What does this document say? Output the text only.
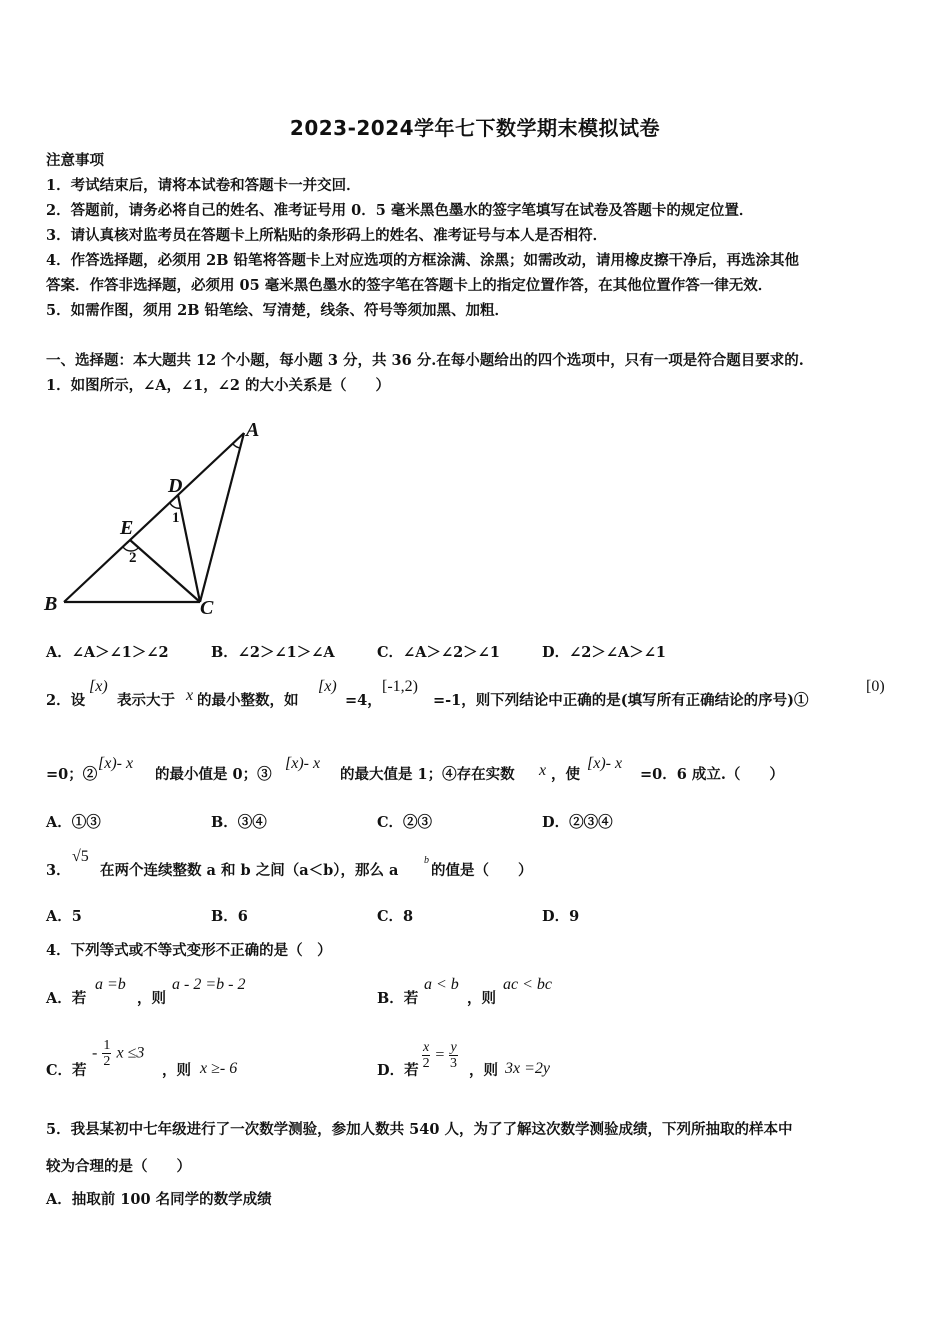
2023-2024学年七下数学期末模拟试卷
注意事项
1．考试结束后，请将本试卷和答题卡一并交回．
2．答题前，请务必将自己的姓名、准考证号用 0．5 毫米黑色墨水的签字笔填写在试卷及答题卡的规定位置．
3．请认真核对监考员在答题卡上所粘贴的条形码上的姓名、准考证号与本人是否相符．
4．作答选择题，必须用 2B 铅笔将答题卡上对应选项的方框涂满、涂黑；如需改动，请用橡皮擦干净后，再选涂其他
答案．作答非选择题，必须用 05 毫米黑色墨水的签字笔在答题卡上的指定位置作答，在其他位置作答一律无效．
5．如需作图，须用 2B 铅笔绘、写清楚，线条、符号等须加黑、加粗．
一、选择题：本大题共 12 个小题，每小题 3 分，共 36 分.在每小题给出的四个选项中，只有一项是符合题目要求的.
1．如图所示，∠A，∠1，∠2 的大小关系是（　　）
A
B	C
D
E	1
2
A．∠A＞∠1＞∠2	B．∠2＞∠1＞∠A	C．∠A＞∠2＞∠1	D．∠2＞∠A＞∠1
2．设
[x)
表示大于 x 的最小整数，如
[x)
=4，
[-1,2)
=-1，则下列结论中正确的是(填写所有正确结论的序号)①
[0)
=0；②
[x)- x
的最小值是 0；③
[x)- x
的最大值是 1；④存在实数 x ，使
[x)- x
=0．6 成立.（　　）
A．①③	B．③④	C．②③	D．②③④
3．
√5
在两个连续整数 a 和 b 之间（a＜b），那么 a
b
的值是（　　）
A．5	B．6	C．8	D．9
4．下列等式或不等式变形不正确的是（　）
A．若
a =b
，则
a - 2 =b - 2
B．若
a < b
，则
ac < bc
C．若
- $\frac{1}{2}$ x ≤3
，则 x ≥- 6	D．若 $\frac{x}{2} = \frac{y}{3}$ ，则 3x =2y
5．我县某初中七年级进行了一次数学测验，参加人数共 540 人，为了了解这次数学测验成绩，下列所抽取的样本中
较为合理的是（　　）
A．抽取前 100 名同学的数学成绩
